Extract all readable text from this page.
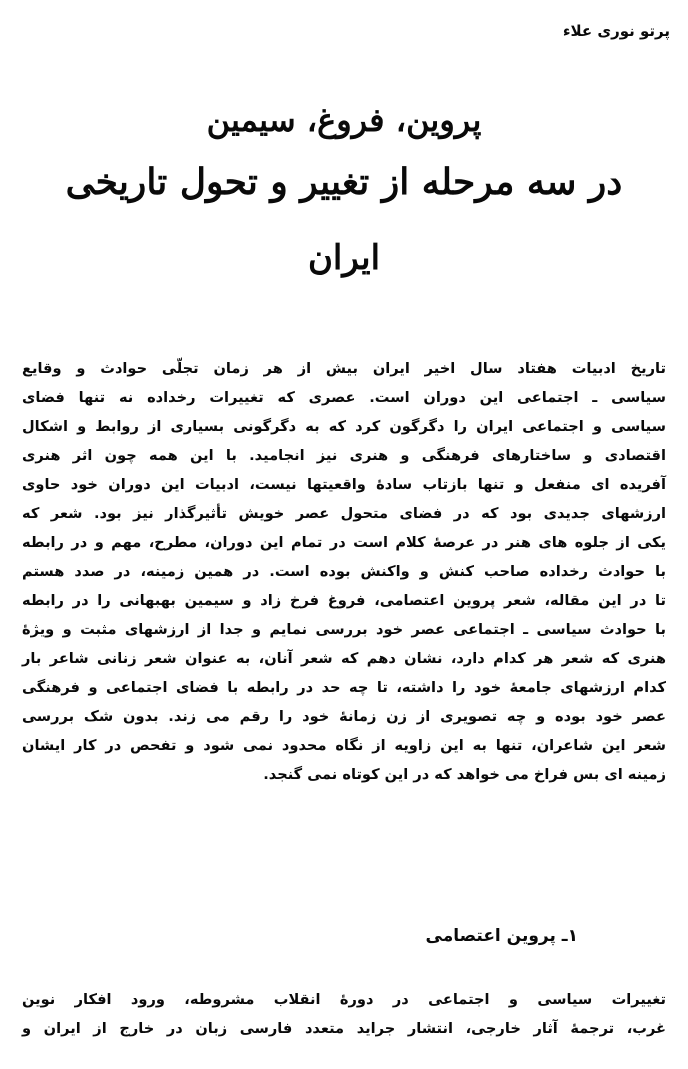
پرتو نوری علاء
پروین، فروغ، سیمین
در سه مرحله از تغییر و تحول تاریخی
ایران
تاریخ ادبیات هفتاد سال اخیر ایران بیش از هر زمان تجلّی حوادث و وقایع
سیاسی ـ اجتماعی این دوران است. عصری که تغییرات رخداده نه تنها فضای
سیاسی و اجتماعی ایران را دگرگون کرد که به دگرگونی بسیاری از روابط و اشکال
اقتصادی و ساختارهای فرهنگی و هنری نیز انجامید. با این همه چون اثر هنری
آفریده ای منفعل و تنها بازتاب سادهٔ واقعیتها نیست، ادبیات این دوران خود حاوی
ارزشهای جدیدی بود که در فضای متحول عصر خویش تأثیرگذار نیز بود. شعر که
یکی از جلوه های هنر در عرصهٔ کلام است در تمام این دوران، مطرح، مهم و در رابطه
با حوادث رخداده صاحب کنش و واکنش بوده است. در همین زمینه، در صدد هستم
تا در این مقاله، شعر پروین اعتصامی، فروغ فرخ زاد و سیمین بهبهانی را در رابطه
با حوادث سیاسی ـ اجتماعی عصر خود بررسی نمایم و جدا از ارزشهای مثبت و ویژهٔ
هنری که شعر هر کدام دارد، نشان دهم که شعر آنان، به عنوان شعر زنانی شاعر بار
کدام ارزشهای جامعهٔ خود را داشته، تا چه حد در رابطه با فضای اجتماعی و فرهنگی
عصر خود بوده و چه تصویری از زن زمانهٔ خود را رقم می زند. بدون شک بررسی
شعر این شاعران، تنها به این زاویه از نگاه محدود نمی شود و تفحص در کار ایشان
زمینه ای بس فراخ می خواهد که در این کوتاه نمی گنجد.
۱ـ پروین اعتصامی
تغییرات سیاسی و اجتماعی در دورهٔ انقلاب مشروطه، ورود افکار نوین
غرب، ترجمهٔ آثار خارجی، انتشار جراید متعدد فارسی زبان در خارج از ایران و
